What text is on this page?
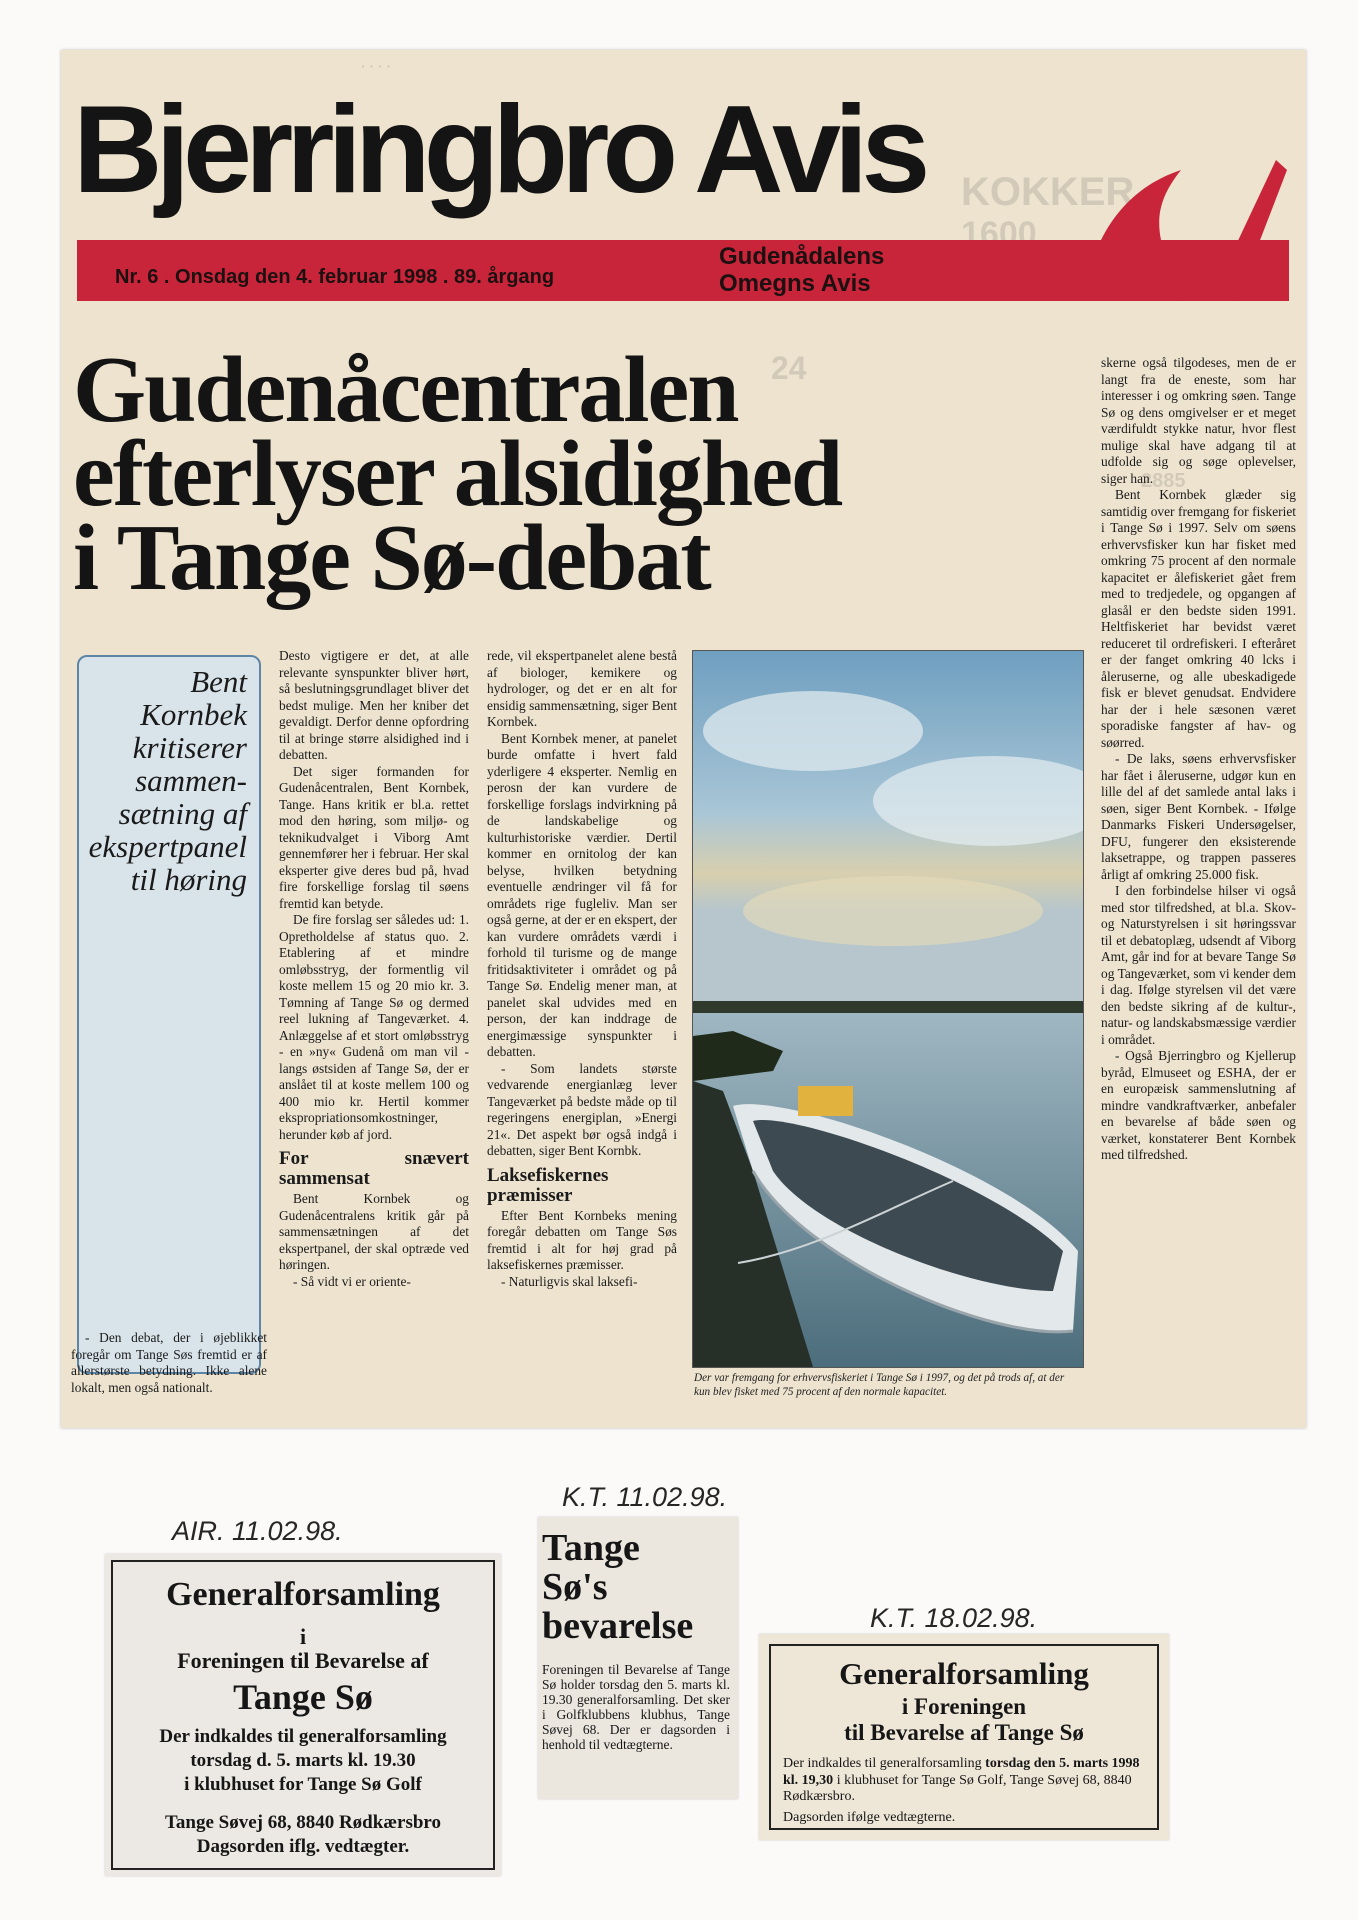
· · · ·
KOKKER
1600
24
2885
Bjerringbro Avis
Nr. 6 . Onsdag den 4. februar 1998 . 89. årgang
Gudenådalens
Omegns Avis
Gudenåcentralen
efterlyser alsidighed
i Tange Sø-debat
Bent Kornbek kritiserer sammen-sætning af ekspertpanel til høring

- Den debat, der i øjeblikket foregår om Tange Søs fremtid er af allerstørste betydning. Ikke alene lokalt, men også nationalt.

Desto vigtigere er det, at alle relevante synspunkter bliver hørt, så beslutningsgrundlaget bliver det bedst mulige. Men her kniber det gevaldigt. Derfor denne opfordring til at bringe større alsidighed ind i debatten.

Det siger formanden for Gudenåcentralen, Bent Kornbek, Tange. Hans kritik er bl.a. rettet mod den høring, som miljø- og teknikudvalget i Viborg Amt gennemfører her i februar. Her skal eksperter give deres bud på, hvad fire forskellige forslag til søens fremtid kan betyde.

De fire forslag ser således ud: 1. Opretholdelse af status quo. 2. Etablering af et mindre omløbsstryg, der formentlig vil koste mellem 15 og 20 mio kr. 3. Tømning af Tange Sø og dermed reel lukning af Tangeværket. 4. Anlæggelse af et stort omløbsstryg - en »ny« Gudenå om man vil - langs østsiden af Tange Sø, der er anslået til at koste mellem 100 og 400 mio kr. Hertil kommer ekspropriationsomkostninger, herunder køb af jord.

For snævert sammensat

Bent Kornbek og Gudenåcentralens kritik går på sammensætningen af det ekspertpanel, der skal optræde ved høringen.

- Så vidt vi er oriente-

rede, vil ekspertpanelet alene bestå af biologer, kemikere og hydrologer, og det er en alt for ensidig sammensætning, siger Bent Kornbek.

Bent Kornbek mener, at panelet burde omfatte i hvert fald yderligere 4 eksperter. Nemlig en perosn der kan vurdere de forskellige forslags indvirkning på de landskabelige og kulturhistoriske værdier. Dertil kommer en ornitolog der kan belyse, hvilken betydning eventuelle ændringer vil få for områdets rige fugleliv. Man ser også gerne, at der er en ekspert, der kan vurdere områdets værdi i forhold til turisme og de mange fritidsaktiviteter i området og på Tange Sø. Endelig mener man, at panelet skal udvides med en person, der kan inddrage de energimæssige synspunkter i debatten.

- Som landets største vedvarende energianlæg lever Tangeværket på bedste måde op til regeringens energiplan, »Energi 21«. Det aspekt bør også indgå i debatten, siger Bent Kornbk.

Laksefiskernes præmisser

Efter Bent Kornbeks mening foregår debatten om Tange Søs fremtid i alt for høj grad på laksefiskernes præmisser.

- Naturligvis skal laksefi-

Der var fremgang for erhvervsfiskeriet i Tange Sø i 1997, og det på trods af, at der kun blev fisket med 75 procent af den normale kapacitet.

skerne også tilgodeses, men de er langt fra de eneste, som har interesser i og omkring søen. Tange Sø og dens omgivelser er et meget værdifuldt stykke natur, hvor flest mulige skal have adgang til at udfolde sig og søge oplevelser, siger han.

Bent Kornbek glæder sig samtidig over fremgang for fiskeriet i Tange Sø i 1997. Selv om søens erhvervsfisker kun har fisket med omkring 75 procent af den normale kapacitet er ålefiskeriet gået frem med to tredjedele, og opgangen af glasål er den bedste siden 1991. Heltfiskeriet har bevidst været reduceret til ordrefiskeri. I efteråret er der fanget omkring 40 lcks i åleruserne, og alle ubeskadigede fisk er blevet genudsat. Endvidere har der i hele sæsonen været sporadiske fangster af hav- og søørred.

- De laks, søens erhvervsfisker har fået i åleruserne, udgør kun en lille del af det samlede antal laks i søen, siger Bent Kornbek. - Ifølge Danmarks Fiskeri Undersøgelser, DFU, fungerer den eksisterende laksetrappe, og trappen passeres årligt af omkring 25.000 fisk.

I den forbindelse hilser vi også med stor tilfredshed, at bl.a. Skov- og Naturstyrelsen i sit høringssvar til et debatoplæg, udsendt af Viborg Amt, går ind for at bevare Tange Sø og Tangeværket, som vi kender dem i dag. Ifølge styrelsen vil det være den bedste sikring af de kultur-, natur- og landskabsmæssige værdier i området.

- Også Bjerringbro og Kjellerup byråd, Elmuseet og ESHA, der er en europæisk sammenslutning af mindre vandkraftværker, anbefaler en bevarelse af både søen og værket, konstaterer Bent Kornbek med tilfredshed.

AIR. 11.02.98.
K.T. 11.02.98.
K.T. 18.02.98.
Generalforsamling
i
Foreningen til Bevarelse af
Tange Sø
Der indkaldes til generalforsamling
torsdag d. 5. marts kl. 19.30
i klubhuset for Tange Sø Golf
Tange Søvej 68, 8840 Rødkærsbro
Dagsorden iflg. vedtægter.
Tange Sø's bevarelse
Foreningen til Bevarelse af Tange Sø holder torsdag den 5. marts kl. 19.30 generalforsamling. Det sker i Golfklubbens klubhus, Tange Søvej 68. Der er dagsorden i henhold til vedtægterne.
Generalforsamling
i Foreningen
til Bevarelse af Tange Sø
Der indkaldes til generalforsamling torsdag den 5. marts 1998 kl. 19,30 i klubhuset for Tange Sø Golf, Tange Søvej 68, 8840 Rødkærsbro.
Dagsorden ifølge vedtægterne.
